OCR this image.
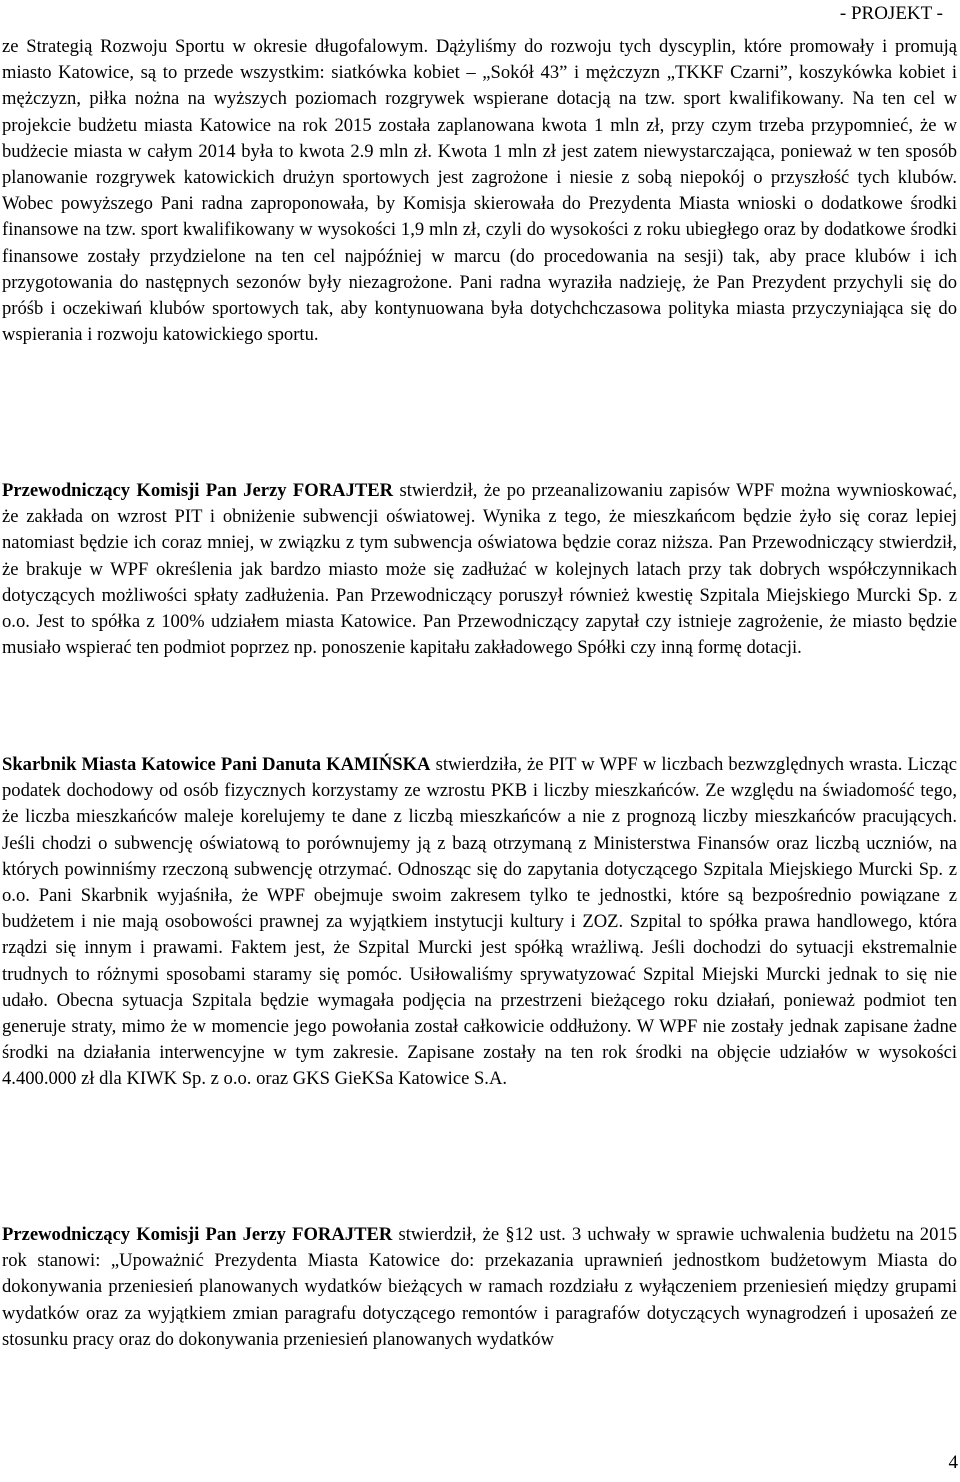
- PROJEKT -

ze Strategią Rozwoju Sportu w okresie długofalowym. Dążyliśmy do rozwoju tych dyscyplin, które promowały i promują miasto Katowice, są to przede wszystkim: siatkówka kobiet – „Sokół 43” i mężczyzn „TKKF Czarni”, koszykówka kobiet i mężczyzn, piłka nożna na wyższych poziomach rozgrywek wspierane dotacją na tzw. sport kwalifikowany. Na ten cel w projekcie budżetu miasta Katowice na rok 2015 została zaplanowana kwota 1 mln zł, przy czym trzeba przypomnieć, że w budżecie miasta w całym 2014 była to kwota 2.9 mln zł. Kwota 1 mln zł jest zatem niewystarczająca, ponieważ w ten sposób planowanie rozgrywek katowickich drużyn sportowych jest zagrożone i niesie z sobą niepokój o przyszłość tych klubów. Wobec powyższego Pani radna zaproponowała, by Komisja skierowała do Prezydenta Miasta wnioski o dodatkowe środki finansowe na tzw. sport kwalifikowany w wysokości 1,9 mln zł, czyli do wysokości z roku ubiegłego oraz by dodatkowe środki finansowe zostały przydzielone na ten cel najpóźniej w marcu (do procedowania na sesji) tak, aby prace klubów i ich przygotowania do następnych sezonów były niezagrożone. Pani radna wyraziła nadzieję, że Pan Prezydent przychyli się do próśb i oczekiwań klubów sportowych tak, aby kontynuowana była dotychchczasowa polityka miasta przyczyniająca się do wspierania i rozwoju katowickiego sportu.

Przewodniczący Komisji Pan Jerzy FORAJTER stwierdził, że po przeanalizowaniu zapisów WPF można wywnioskować, że zakłada on wzrost PIT i obniżenie subwencji oświatowej. Wynika z tego, że mieszkańcom będzie żyło się coraz lepiej natomiast będzie ich coraz mniej, w związku z tym subwencja oświatowa będzie coraz niższa. Pan Przewodniczący stwierdził, że brakuje w WPF określenia jak bardzo miasto może się zadłużać w kolejnych latach przy tak dobrych współczynnikach dotyczących możliwości spłaty zadłużenia. Pan Przewodniczący poruszył również kwestię Szpitala Miejskiego Murcki Sp. z o.o. Jest to spółka z 100% udziałem miasta Katowice. Pan Przewodniczący zapytał czy istnieje zagrożenie, że miasto będzie musiało wspierać ten podmiot poprzez np. ponoszenie kapitału zakładowego Spółki czy inną formę dotacji.

Skarbnik Miasta Katowice Pani Danuta KAMIŃSKA stwierdziła, że PIT w WPF w liczbach bezwzględnych wrasta. Licząc podatek dochodowy od osób fizycznych korzystamy ze wzrostu PKB i liczby mieszkańców. Ze względu na świadomość tego, że liczba mieszkańców maleje korelujemy te dane z liczbą mieszkańców a nie z prognozą liczby mieszkańców pracujących. Jeśli chodzi o subwencję oświatową to porównujemy ją z bazą otrzymaną z Ministerstwa Finansów oraz liczbą uczniów, na których powinniśmy rzeczoną subwencję otrzymać. Odnosząc się do zapytania dotyczącego Szpitala Miejskiego Murcki Sp. z o.o. Pani Skarbnik wyjaśniła, że WPF obejmuje swoim zakresem tylko te jednostki, które są bezpośrednio powiązane z budżetem i nie mają osobowości prawnej za wyjątkiem instytucji kultury i ZOZ. Szpital to spółka prawa handlowego, która rządzi się innym i prawami. Faktem jest, że Szpital Murcki jest spółką wrażliwą. Jeśli dochodzi do sytuacji ekstremalnie trudnych to różnymi sposobami staramy się pomóc. Usiłowaliśmy sprywatyzować Szpital Miejski Murcki jednak to się nie udało. Obecna sytuacja Szpitala będzie wymagała podjęcia na przestrzeni bieżącego roku działań, ponieważ podmiot ten generuje straty, mimo że w momencie jego powołania został całkowicie oddłużony. W WPF nie zostały jednak zapisane żadne środki na działania interwencyjne w tym zakresie. Zapisane zostały na ten rok środki na objęcie udziałów w wysokości 4.400.000 zł dla KIWK Sp. z o.o. oraz GKS GieKSa Katowice S.A.

Przewodniczący Komisji Pan Jerzy FORAJTER stwierdził, że §12 ust. 3 uchwały w sprawie uchwalenia budżetu na 2015 rok stanowi: „Upoważnić Prezydenta Miasta Katowice do: przekazania uprawnień jednostkom budżetowym Miasta do dokonywania przeniesień planowanych wydatków bieżących w ramach rozdziału z wyłączeniem przeniesień między grupami wydatków oraz za wyjątkiem zmian paragrafu dotyczącego remontów i paragrafów dotyczących wynagrodzeń i uposażeń ze stosunku pracy oraz do dokonywania przeniesień planowanych wydatków

4
